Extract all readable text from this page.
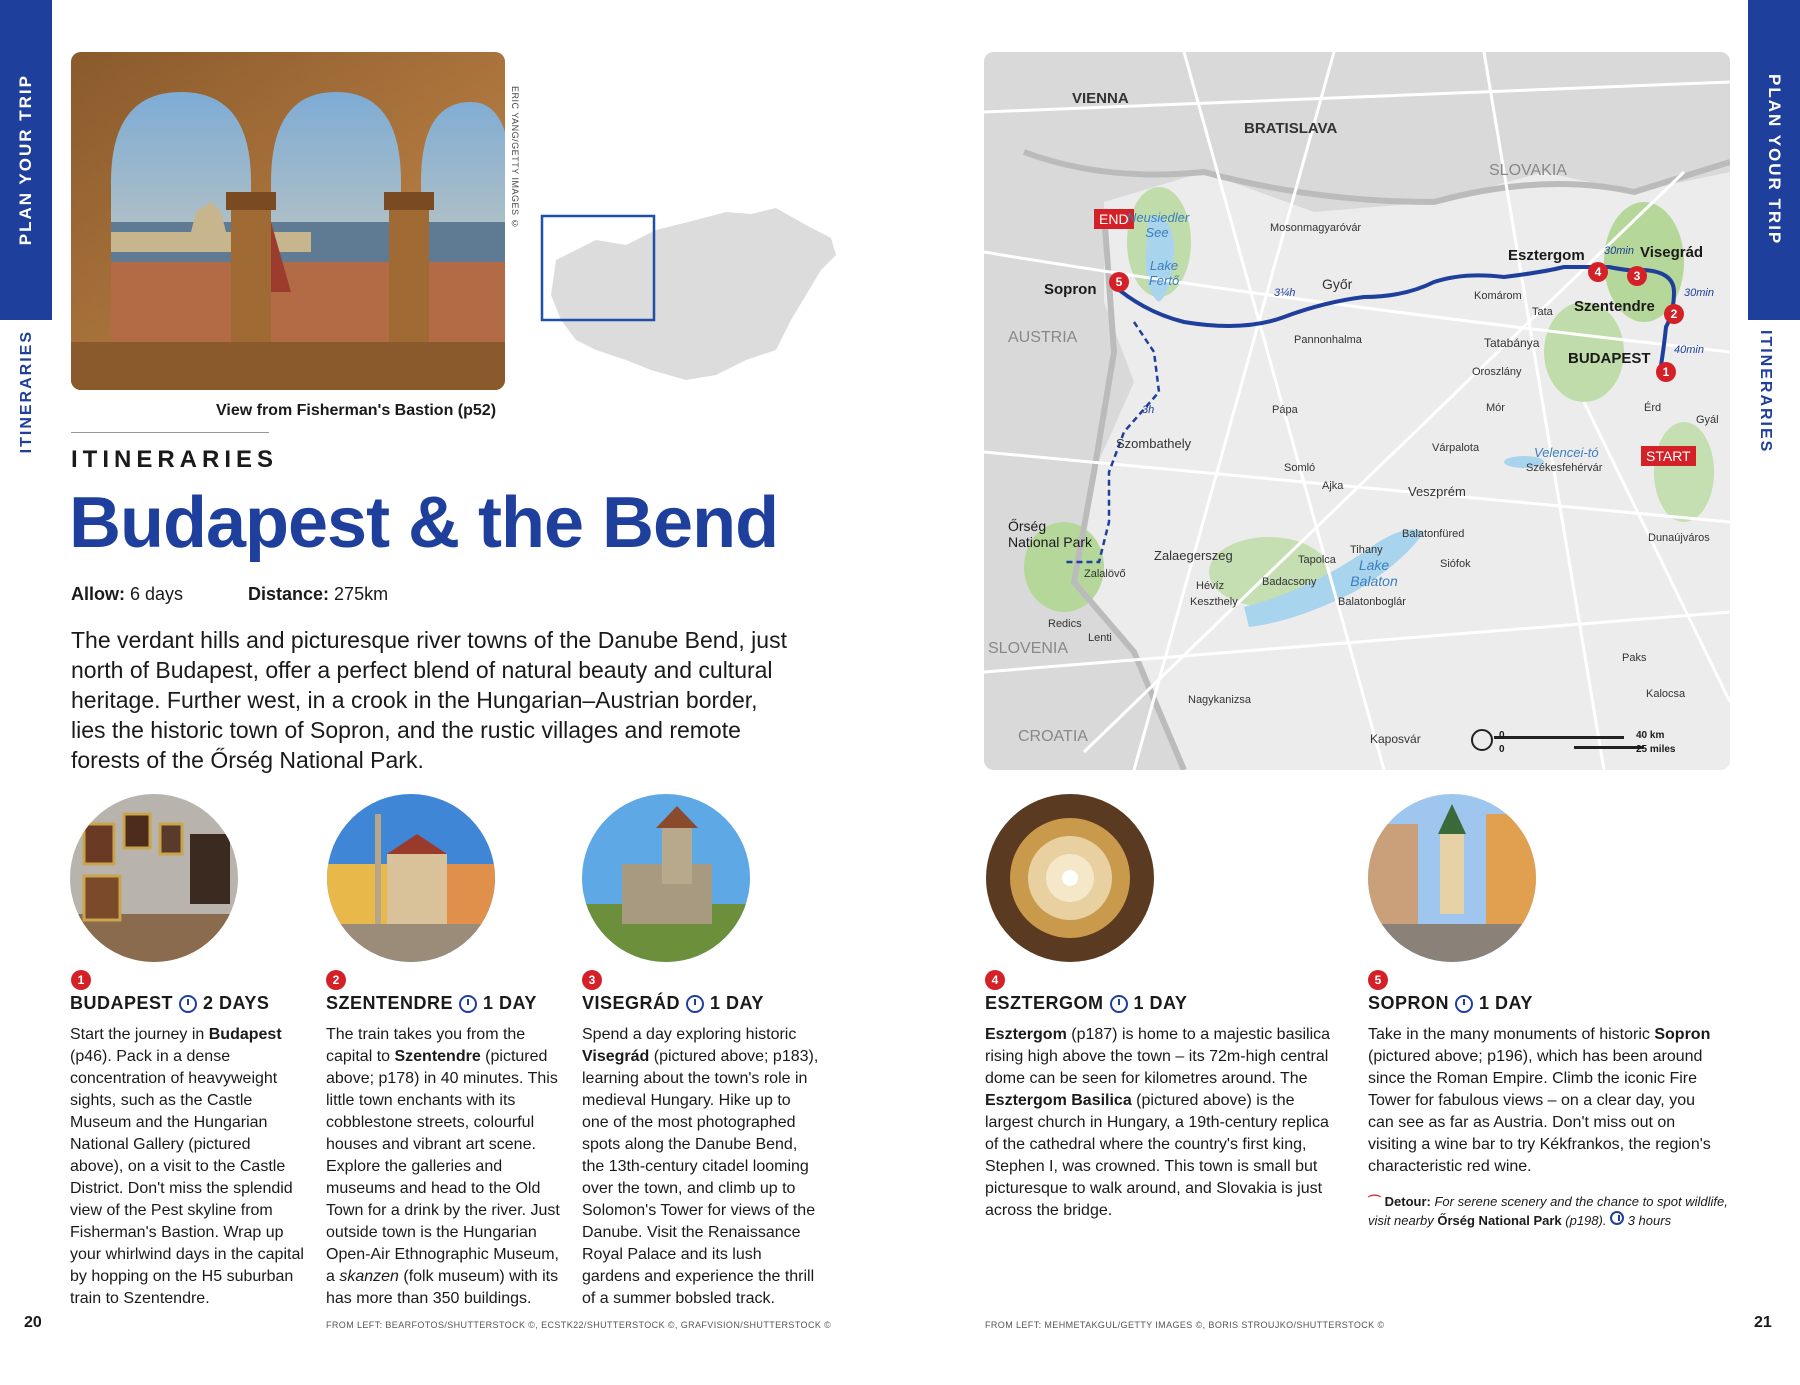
PLAN YOUR TRIP
ITINERARIES
PLAN YOUR TRIP
ITINERARIES
ERIC YANG/GETTY IMAGES ©
View from Fisherman's Bastion (p52)
ITINERARIES
Budapest & the Bend
Allow: 6 days	Distance: 275km
The verdant hills and picturesque river towns of the Danube Bend, just north of Budapest, offer a perfect blend of natural beauty and cultural heritage. Further west, in a crook in the Hungarian–Austrian border, lies the historic town of Sopron, and the rustic villages and remote forests of the Őrség National Park.
VIENNA
BRATISLAVA
SLOVAKIA
AUSTRIA
SLOVENIA
CROATIA
END
START
Sopron
Esztergom	Visegrád
Szentendre
BUDAPEST
5
4	3
2
1
3¼h
30min
30min
40min
3h
Neusiedler See
Lake Fertő
Lake Balaton
Velencei-tó
Őrség National Park
Mosonmagyaróvár
Győr
Komárom
Tata
Pannonhalma	Tatabánya
Oroszlány
Pápa	Mór
Szombathely	Várpalota
Somló
Ajka	Veszprém
Székesfehérvár
Érd
Gyál
Dunaújváros
Zalaegerszeg
Zalalövő
Tapolca
Badacsony
Hévíz
Keszthely
Tihany
Balatonfüred
Siófok
Balatonboglár
Redics
Lenti
Nagykanizsa
Kaposvár
Paks
Kalocsa
0
0
40 km
25 miles
1
BUDAPEST 2 DAYS
Start the journey in Budapest (p46). Pack in a dense concentration of heavyweight sights, such as the Castle Museum and the Hungarian National Gallery (pictured above), on a visit to the Castle District. Don't miss the splendid view of the Pest skyline from Fisherman's Bastion. Wrap up your whirlwind days in the capital by hopping on the H5 suburban train to Szentendre.
2
SZENTENDRE 1 DAY
The train takes you from the capital to Szentendre (pictured above; p178) in 40 minutes. This little town enchants with its cobblestone streets, colourful houses and vibrant art scene. Explore the galleries and museums and head to the Old Town for a drink by the river. Just outside town is the Hungarian Open-Air Ethnographic Museum, a skanzen (folk museum) with its has more than 350 buildings.
3
VISEGRÁD 1 DAY
Spend a day exploring historic Visegrád (pictured above; p183), learning about the town's role in medieval Hungary. Hike up to one of the most photographed spots along the Danube Bend, the 13th-century citadel looming over the town, and climb up to Solomon's Tower for views of the Danube. Visit the Renaissance Royal Palace and its lush gardens and experience the thrill of a summer bobsled track.
4
ESZTERGOM 1 DAY
Esztergom (p187) is home to a majestic basilica rising high above the town – its 72m-high central dome can be seen for kilometres around. The Esztergom Basilica (pictured above) is the largest church in Hungary, a 19th-century replica of the cathedral where the country's first king, Stephen I, was crowned. This town is small but picturesque to walk around, and Slovakia is just across the bridge.
5
SOPRON 1 DAY
Take in the many monuments of historic Sopron (pictured above; p196), which has been around since the Roman Empire. Climb the iconic Fire Tower for fabulous views – on a clear day, you can see as far as Austria. Don't miss out on visiting a wine bar to try Kékfrankos, the region's characteristic red wine.
⌒ Detour: For serene scenery and the chance to spot wildlife, visit nearby Őrség National Park (p198).  3 hours
20	21
FROM LEFT: BEARFOTOS/SHUTTERSTOCK ©, ECSTK22/SHUTTERSTOCK ©, GRAFVISION/SHUTTERSTOCK ©	FROM LEFT: MEHMETAKGUL/GETTY IMAGES ©, BORIS STROUJKO/SHUTTERSTOCK ©
